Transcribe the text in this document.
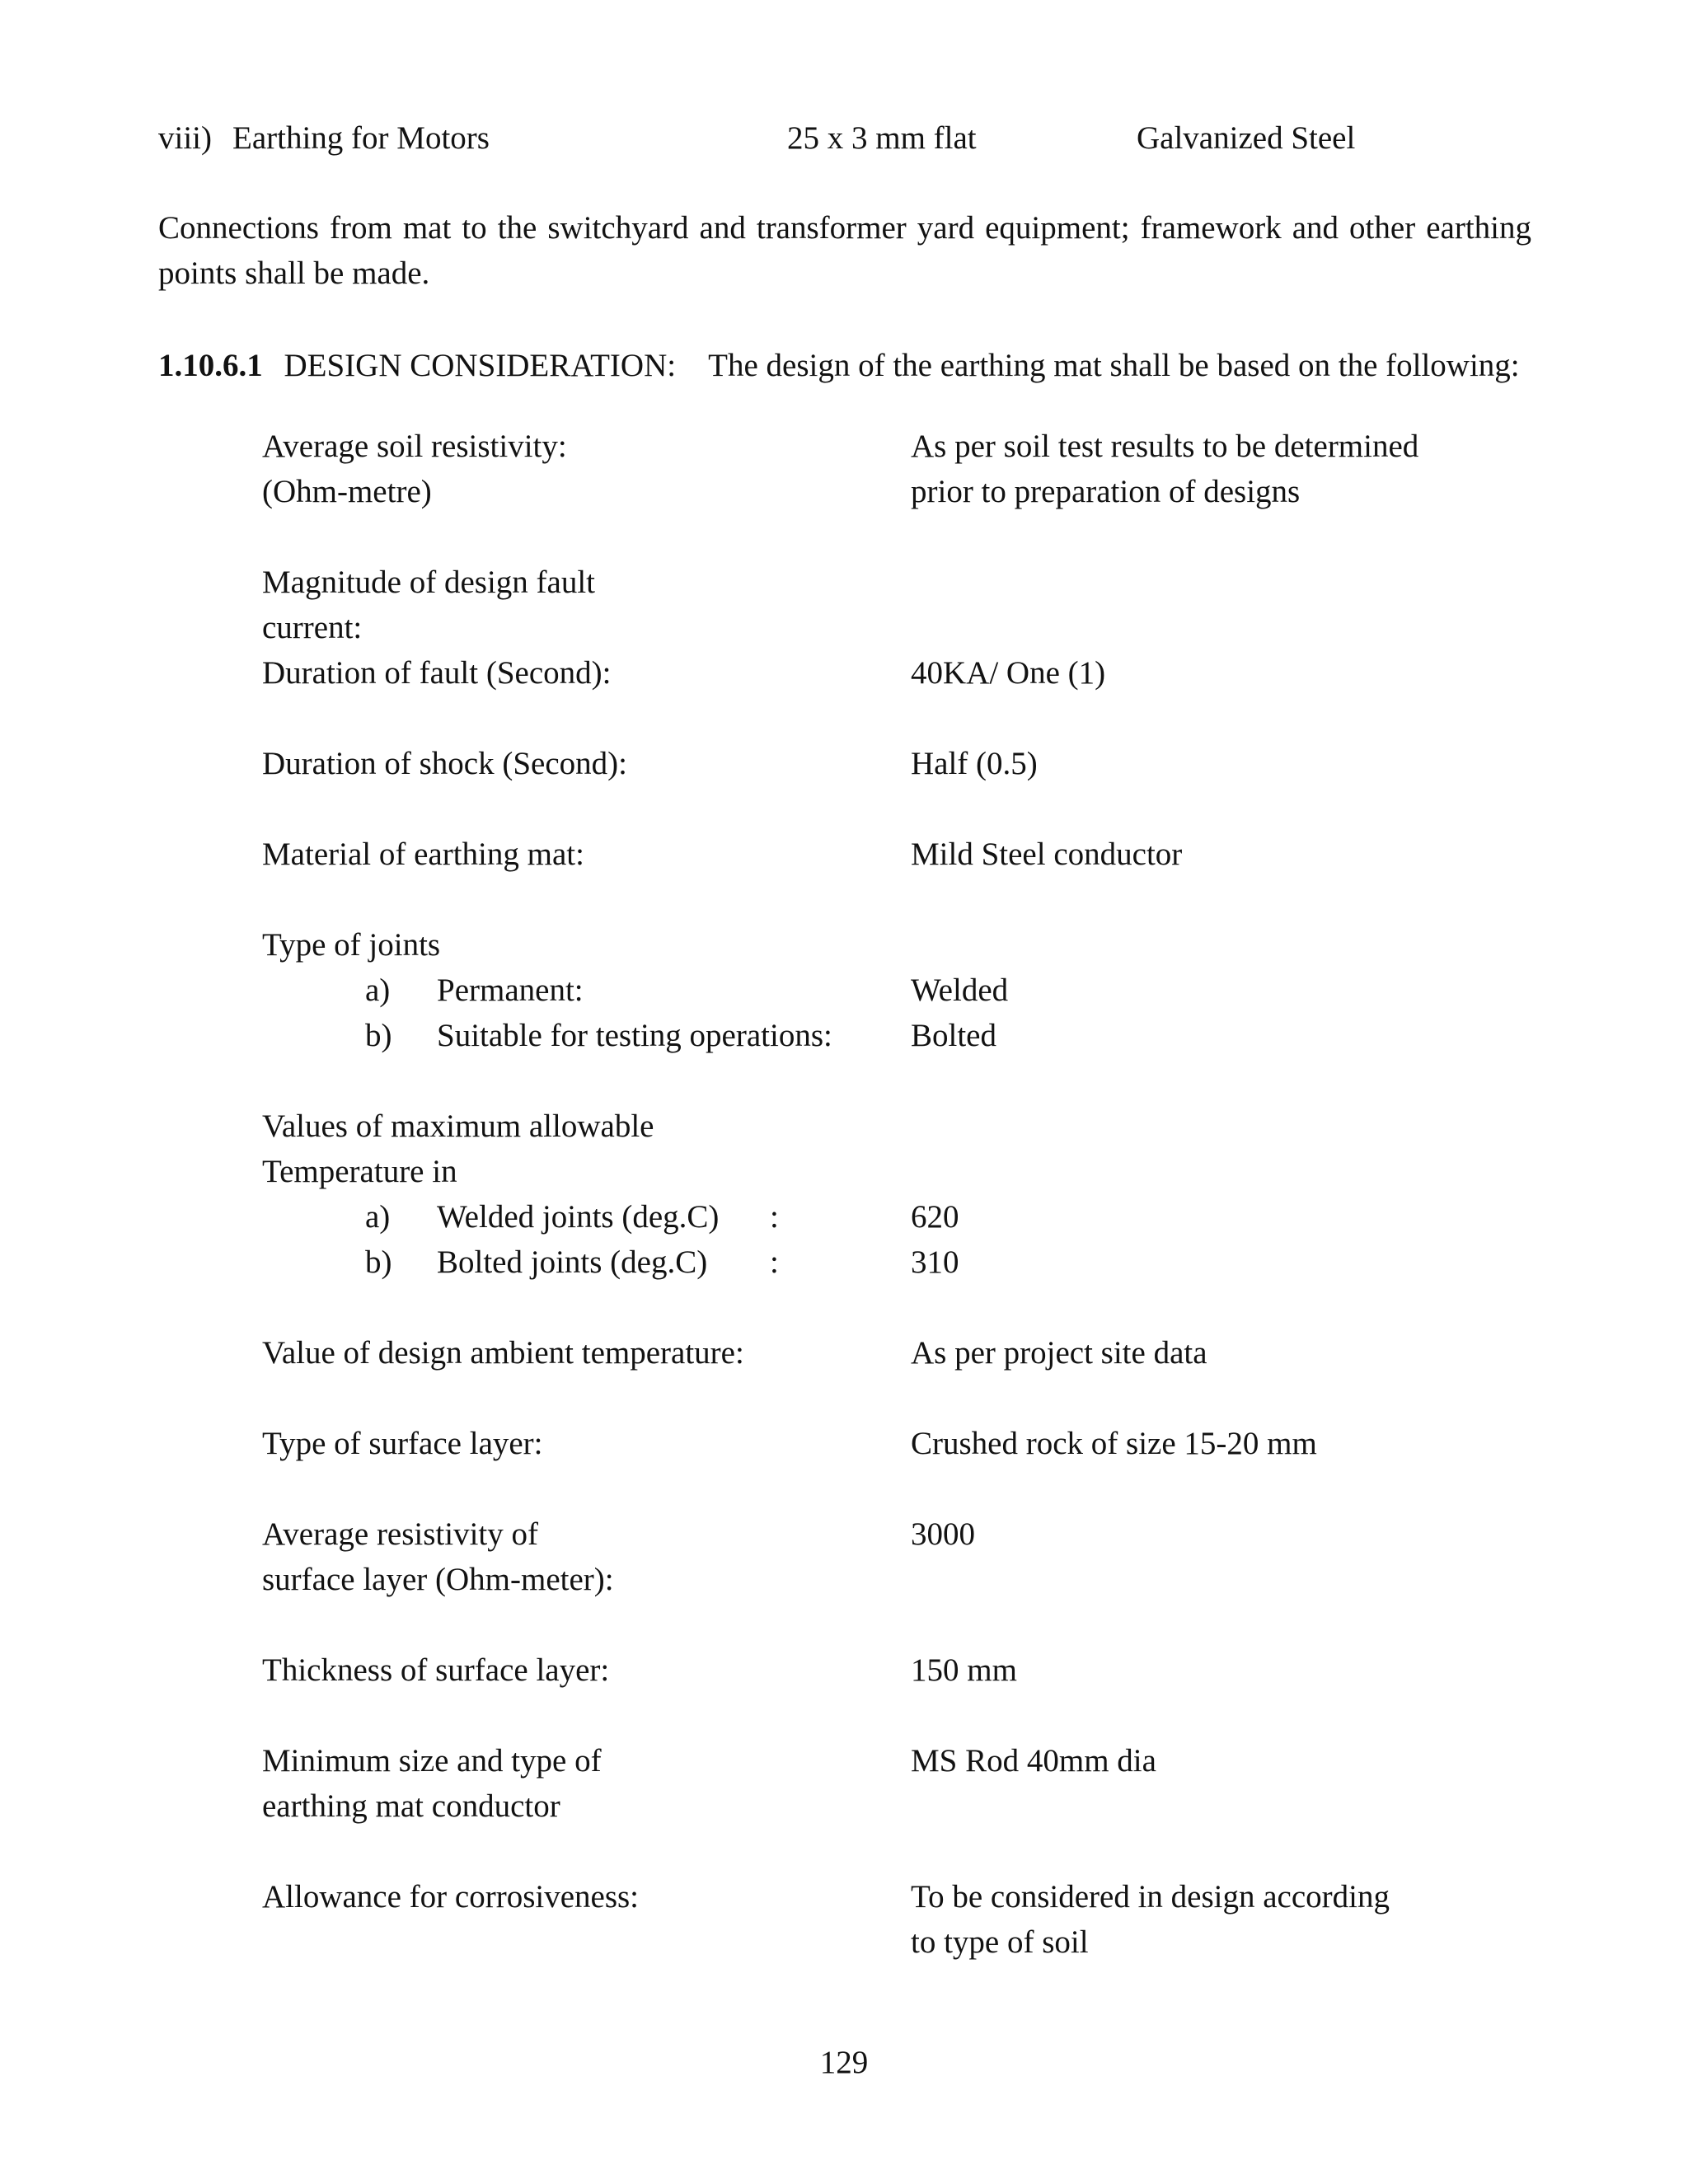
viii) Earthing for Motors	25 x 3 mm flat	Galvanized Steel
Connections from mat to the switchyard and transformer yard equipment; framework and other earthing points shall be made.
1.10.6.1 DESIGN CONSIDERATION: The design of the earthing mat shall be based on the following:
Average soil resistivity:	As per soil test results to be determined
(Ohm-metre)	prior to preparation of designs
Magnitude of design fault
current:
Duration of fault (Second):	40KA/ One (1)
Duration of shock (Second):	Half (0.5)
Material of earthing mat:	Mild Steel conductor
Type of joints
a) Permanent:	Welded
b) Suitable for testing operations: Bolted
Values of maximum allowable
Temperature in
a) Welded joints (deg.C) :	620
b) Bolted joints (deg.C) :	310
Value of design ambient temperature:	As per project site data
Type of surface layer:	Crushed rock of size 15-20 mm
Average resistivity of	3000
surface layer (Ohm-meter):
Thickness of surface layer:	150 mm
Minimum size and type of	MS Rod 40mm dia
earthing mat conductor
Allowance for corrosiveness:	To be considered in design according
to type of soil
129
